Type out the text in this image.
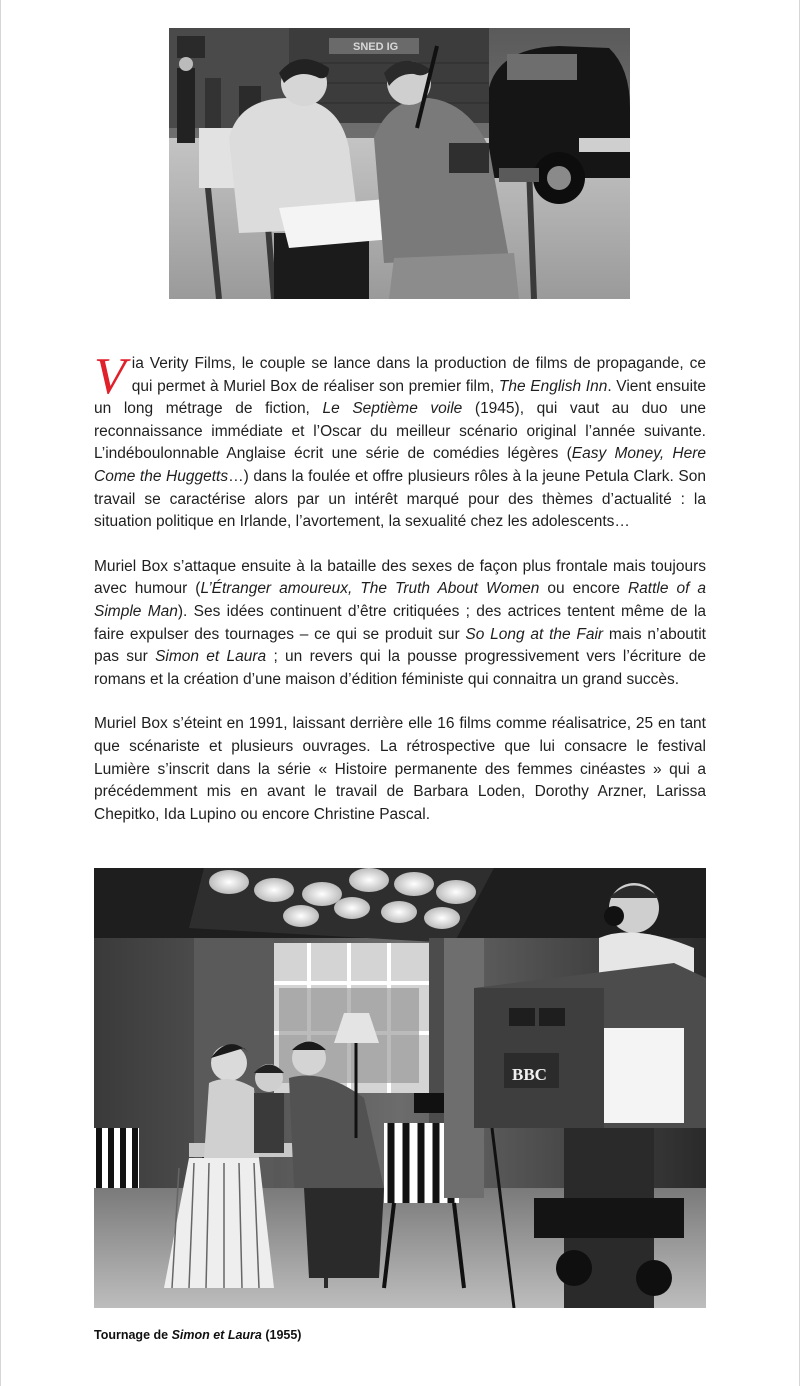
SNED IG

Via Verity Films, le couple se lance dans la production de films de propagande, ce qui permet à Muriel Box de réaliser son premier film, The English Inn. Vient ensuite un long métrage de fiction, Le Septième voile (1945), qui vaut au duo une reconnaissance immédiate et l’Oscar du meilleur scénario original l’année suivante. L’indéboulonnable Anglaise écrit une série de comédies légères (Easy Money, Here Come the Huggetts…) dans la foulée et offre plusieurs rôles à la jeune Petula Clark. Son travail se caractérise alors par un intérêt marqué pour des thèmes d’actualité : la situation politique en Irlande, l’avortement, la sexualité chez les adolescents…

Muriel Box s’attaque ensuite à la bataille des sexes de façon plus frontale mais toujours avec humour (L’Étranger amoureux, The Truth About Women ou encore Rattle of a Simple Man). Ses idées continuent d’être critiquées ; des actrices tentent même de la faire expulser des tournages – ce qui se produit sur So Long at the Fair mais n’aboutit pas sur Simon et Laura ; un revers qui la pousse progressivement vers l’écriture de romans et la création d’une maison d’édition féministe qui connaitra un grand succès.

Muriel Box s’éteint en 1991, laissant derrière elle 16 films comme réalisatrice, 25 en tant que scénariste et plusieurs ouvrages. La rétrospective que lui consacre le festival Lumière s’inscrit dans la série « Histoire permanente des femmes cinéastes » qui a précédemment mis en avant le travail de Barbara Loden, Dorothy Arzner, Larissa Chepitko, Ida Lupino ou encore Christine Pascal.

BBC
Tournage de Simon et Laura (1955)
